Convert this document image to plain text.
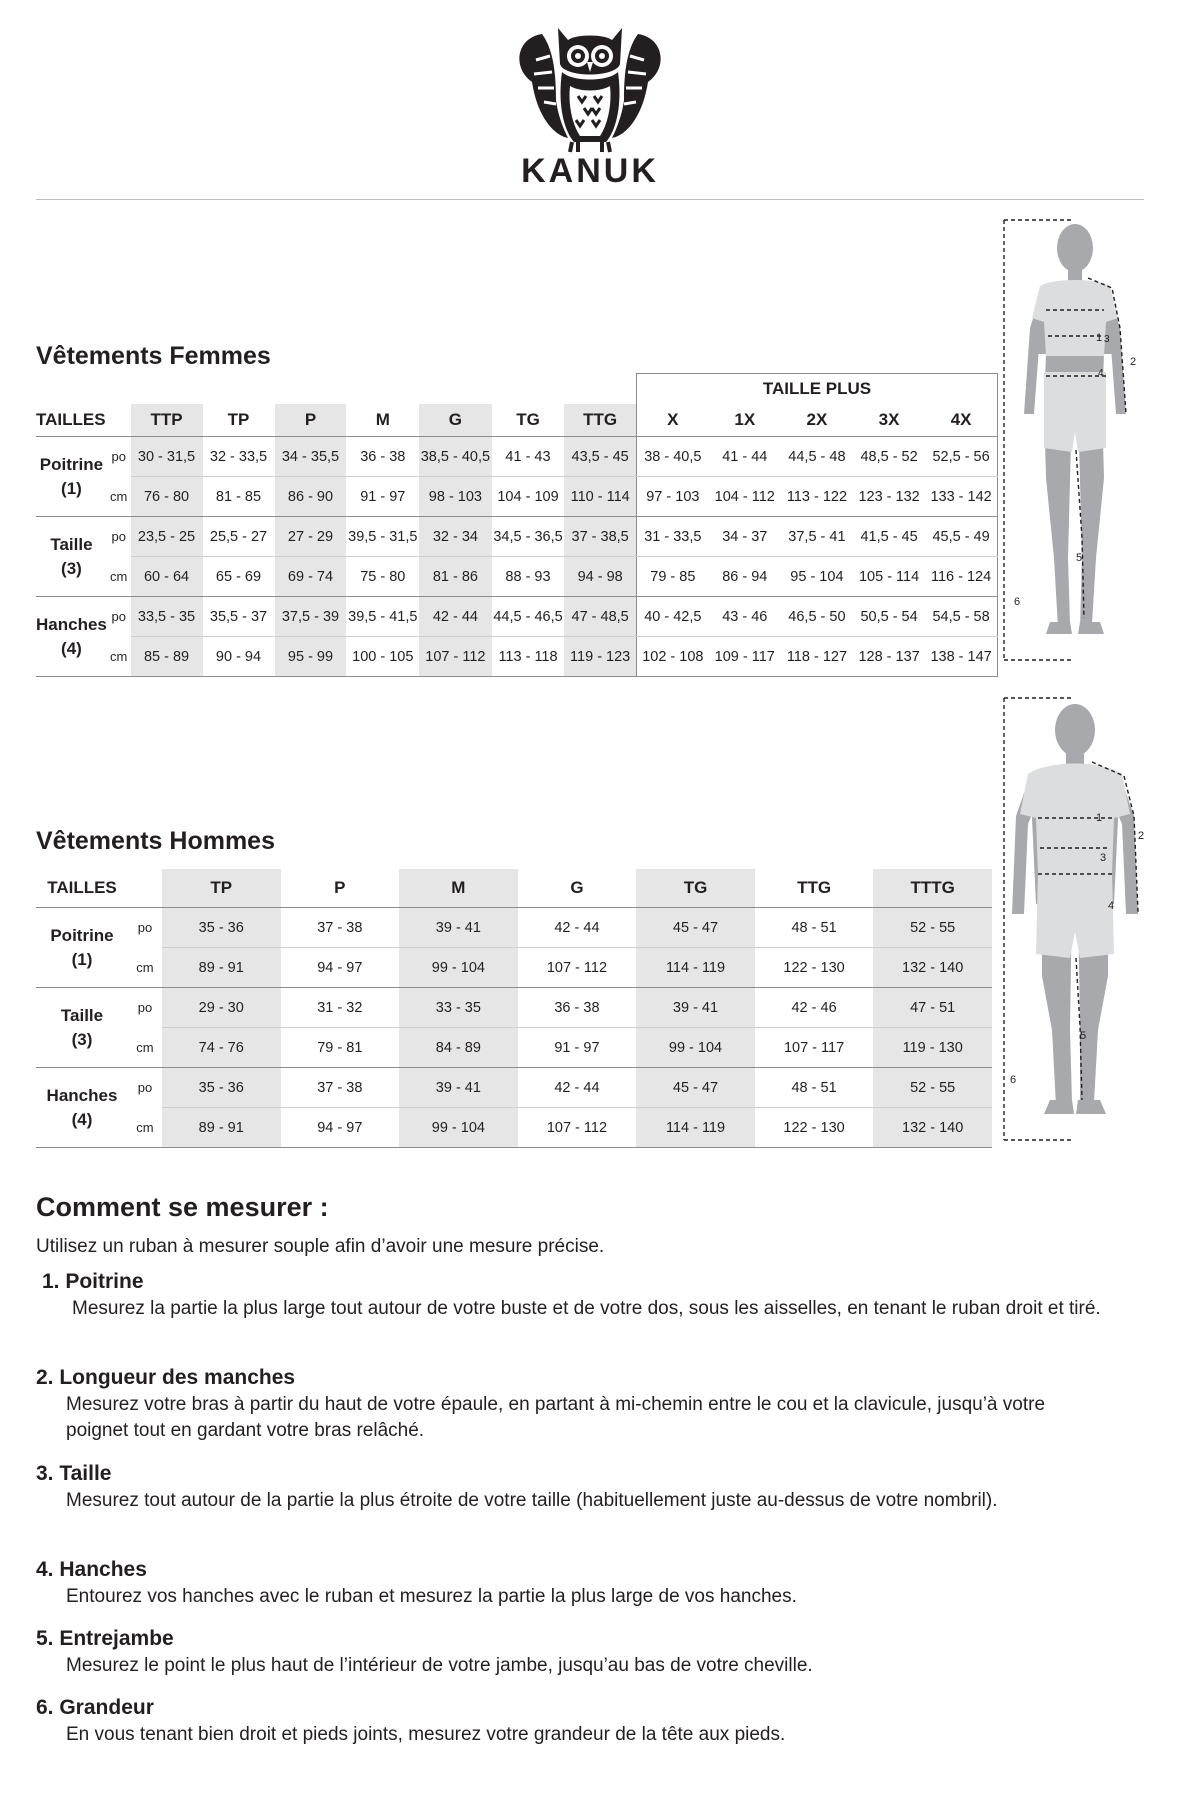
KANUK
Vêtements Femmes
									TAILLE PLUS				
TAILLES		TTP	TP	P	M	G	TG	TTG	X	1X	2X	3X	4X

Poitrine
(1)	po	30 - 31,5	32 - 33,5	34 - 35,5	36 - 38	38,5 - 40,5	41 - 43	43,5 - 45	38 - 40,5	41 - 44	44,5 - 48	48,5 - 52	52,5 - 56
	cm	76 - 80	81 - 85	86 - 90	91 - 97	98 - 103	104 - 109	110 - 114	97 - 103	104 - 112	113 - 122	123 - 132	133 - 142

Taille
(3)	po	23,5 - 25	25,5 - 27	27 - 29	39,5 - 31,5	32 - 34	34,5 - 36,5	37 - 38,5	31 - 33,5	34 - 37	37,5 - 41	41,5 - 45	45,5 - 49
	cm	60 - 64	65 - 69	69 - 74	75 - 80	81 - 86	88 - 93	94 - 98	79 - 85	86 - 94	95 - 104	105 - 114	116 - 124

Hanches
(4)	po	33,5 - 35	35,5 - 37	37,5 - 39	39,5 - 41,5	42 - 44	44,5 - 46,5	47 - 48,5	40 - 42,5	43 - 46	46,5 - 50	50,5 - 54	54,5 - 58
	cm	85 - 89	90 - 94	95 - 99	100 - 105	107 - 112	113 - 118	119 - 123	102 - 108	109 - 117	118 - 127	128 - 137	138 - 147
Vêtements Hommes
TAILLES		TP	P	M	G	TG	TTG	TTTG

Poitrine
(1)	po	35 - 36	37 - 38	39 - 41	42 - 44	45 - 47	48 - 51	52 - 55
	cm	89 - 91	94 - 97	99 - 104	107 - 112	114 - 119	122 - 130	132 - 140

Taille
(3)	po	29 - 30	31 - 32	33 - 35	36 - 38	39 - 41	42 - 46	47 - 51
	cm	74 - 76	79 - 81	84 - 89	91 - 97	99 - 104	107 - 117	119 - 130

Hanches
(4)	po	35 - 36	37 - 38	39 - 41	42 - 44	45 - 47	48 - 51	52 - 55
	cm	89 - 91	94 - 97	99 - 104	107 - 112	114 - 119	122 - 130	132 - 140
3
4
1
2
5
6
1
2
3
4
5
6
Comment se mesurer :

Utilisez un ruban à mesurer souple afin d’avoir une mesure précise.

1. Poitrine

Mesurez la partie la plus large tout autour de votre buste et de votre dos, sous les aisselles, en tenant le ruban droit et tiré.

2. Longueur des manches

Mesurez votre bras à partir du haut de votre épaule, en partant à mi-chemin entre le cou et la clavicule, jusqu’à votre poignet tout en gardant votre bras relâché.

3. Taille

Mesurez tout autour de la partie la plus étroite de votre taille (habituellement juste au-dessus de votre nombril).

4. Hanches

Entourez vos hanches avec le ruban et mesurez la partie la plus large de vos hanches.

5. Entrejambe

Mesurez le point le plus haut de l’intérieur de votre jambe, jusqu’au bas de votre cheville.

6. Grandeur

En vous tenant bien droit et pieds joints, mesurez votre grandeur de la tête aux pieds.
